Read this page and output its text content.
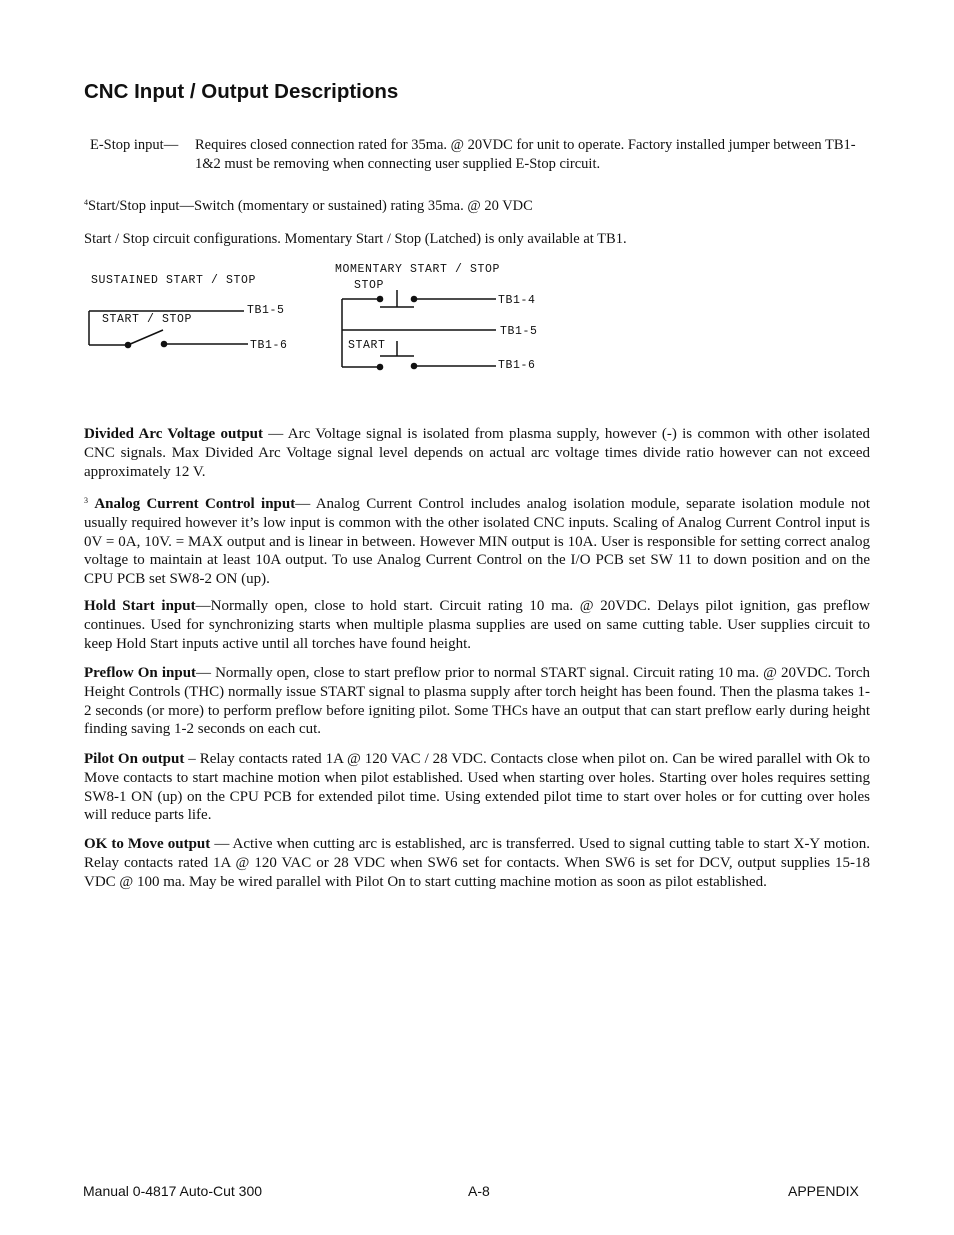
CNC Input / Output Descriptions
E-Stop input— Requires closed connection rated for 35ma. @ 20VDC for unit to operate. Factory installed jumper between TB1-1&2 must be removing when connecting user supplied E-Stop circuit.
$^4$Start/Stop input—Switch (momentary or sustained) rating 35ma. @ 20 VDC
Start / Stop circuit configurations. Momentary Start / Stop (Latched) is only available at TB1.
SUSTAINED START / STOP
START / STOP
TB1-5
TB1-6
MOMENTARY START / STOP
STOP
START
TB1-4
TB1-5
TB1-6

Divided Arc Voltage output — Arc Voltage signal is isolated from plasma supply, however (-) is common with other isolated CNC signals. Max Divided Arc Voltage signal level depends on actual arc voltage times divide ratio however can not exceed approximately 12 V.

$^3$ Analog Current Control input— Analog Current Control includes analog isolation module, separate isolation module not usually required however it’s low input is common with the other isolated CNC inputs. Scaling of Analog Current Control input is 0V = 0A, 10V. = MAX output and is linear in between. However MIN output is 10A. User is responsible for setting correct analog voltage to maintain at least 10A output. To use Analog Current Control on the I/O PCB set SW 11 to down position and on the CPU PCB set SW8-2 ON (up).

Hold Start input—Normally open, close to hold start. Circuit rating 10 ma. @ 20VDC. Delays pilot ignition, gas preflow continues. Used for synchronizing starts when multiple plasma supplies are used on same cutting table. User supplies circuit to keep Hold Start inputs active until all torches have found height.

Preflow On input— Normally open, close to start preflow prior to normal START signal. Circuit rating 10 ma. @ 20VDC. Torch Height Controls (THC) normally issue START signal to plasma supply after torch height has been found. Then the plasma takes 1-2 seconds (or more) to perform preflow before igniting pilot. Some THCs have an output that can start preflow early during height finding saving 1-2 seconds on each cut.

Pilot On output – Relay contacts rated 1A @ 120 VAC / 28 VDC. Contacts close when pilot on. Can be wired parallel with Ok to Move contacts to start machine motion when pilot established. Used when starting over holes. Starting over holes requires setting SW8-1 ON (up) on the CPU PCB for extended pilot time. Using extended pilot time to start over holes or for cutting over holes will reduce parts life.

OK to Move output — Active when cutting arc is established, arc is transferred. Used to signal cutting table to start X-Y motion. Relay contacts rated 1A @ 120 VAC or 28 VDC when SW6 set for contacts. When SW6 is set for DCV, output supplies 15-18 VDC @ 100 ma. May be wired parallel with Pilot On to start cutting machine motion as soon as pilot established.

Manual 0-4817 Auto-Cut 300	A-8	APPENDIX
